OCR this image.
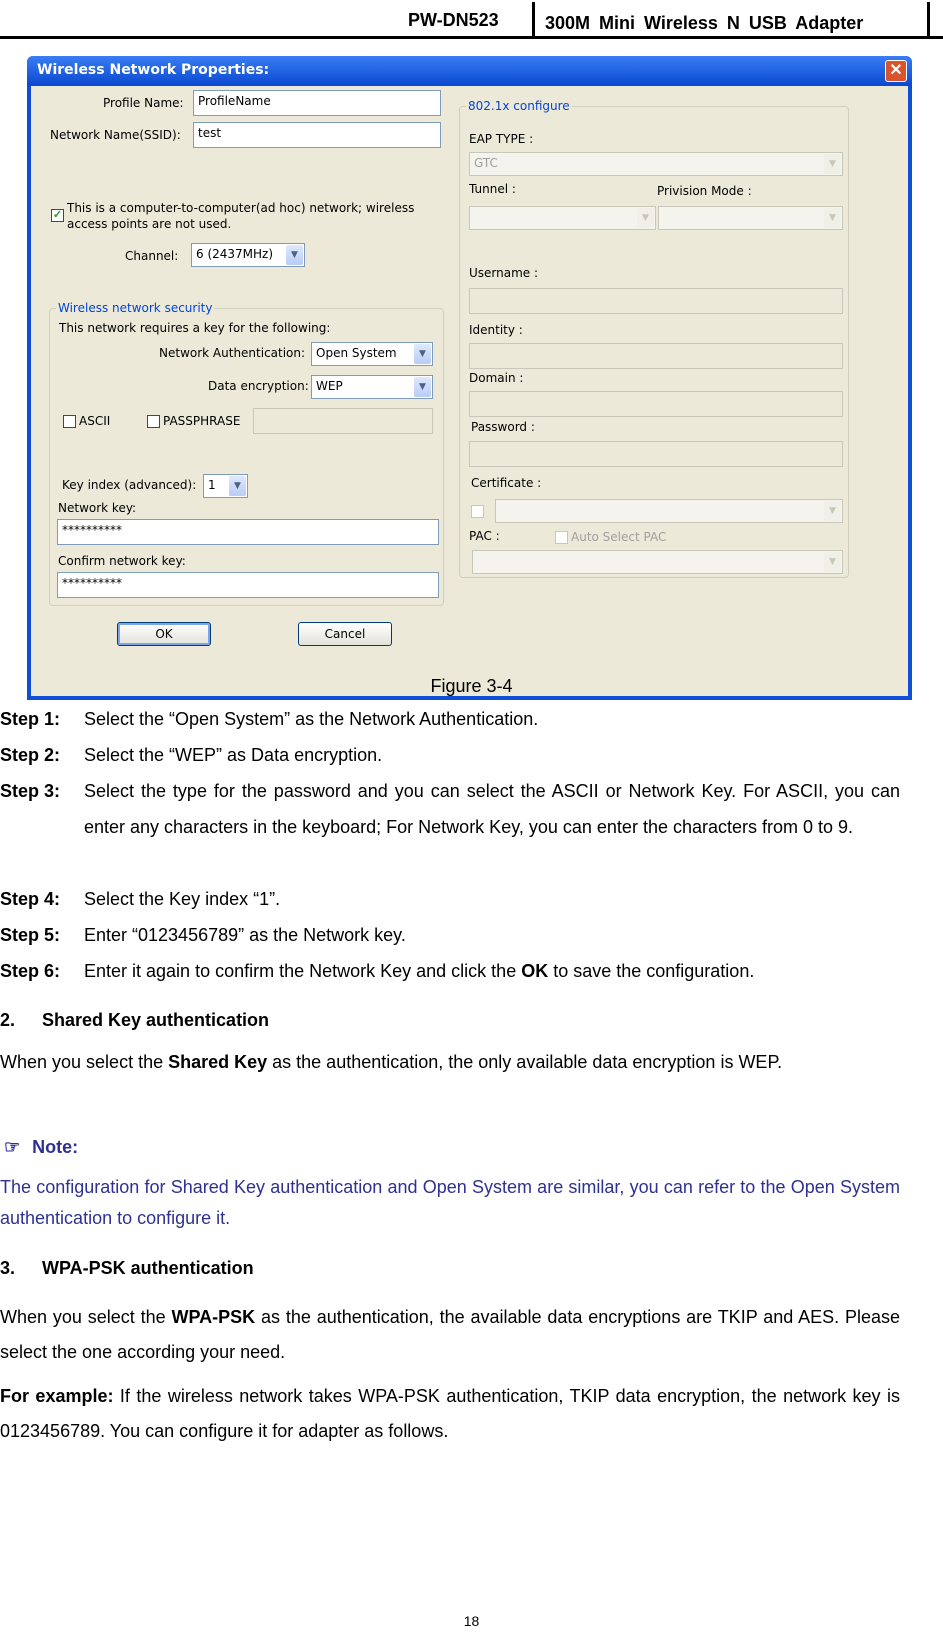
PW-DN523	300M Mini Wireless N USB Adapter
Wireless Network Properties:	✕
Profile Name:	ProfileName
Network Name(SSID):	test
✓ This is a computer-to-computer(ad hoc) network; wireless
access points are not used.
Channel:	6 (2437MHz)	▼
Wireless network security
This network requires a key for the following:
Network Authentication: Open System	▼
Data encryption: WEP	▼
ASCII	PASSPHRASE
Key index (advanced): 1	▼
Network key:
**********
Confirm network key:
**********
OK	Cancel
802.1x configure
EAP TYPE :
GTC	▼
Tunnel :	Privision Mode :
▼	▼
Username :
Identity :
Domain :
Password :
Certificate :
▼
PAC :	Auto Select PAC
▼
Figure 3-4
Step 1: Select the “Open System” as the Network Authentication.
Step 2: Select the “WEP” as Data encryption.
Step 3: Select the type for the password and you can select the ASCII or Network Key. For ASCII, you can enter any characters in the keyboard; For Network Key, you can enter the characters from 0 to 9.
Step 4: Select the Key index “1”.
Step 5: Enter “0123456789” as the Network key.
Step 6: Enter it again to confirm the Network Key and click the OK to save the configuration.
2. Shared Key authentication
When you select the Shared Key as the authentication, the only available data encryption is WEP.
☞ Note:
The configuration for Shared Key authentication and Open System are similar, you can refer to the Open System authentication to configure it.
3. WPA-PSK authentication
When you select the WPA-PSK as the authentication, the available data encryptions are TKIP and AES. Please select the one according your need.
For example: If the wireless network takes WPA-PSK authentication, TKIP data encryption, the network key is 0123456789. You can configure it for adapter as follows.
18
